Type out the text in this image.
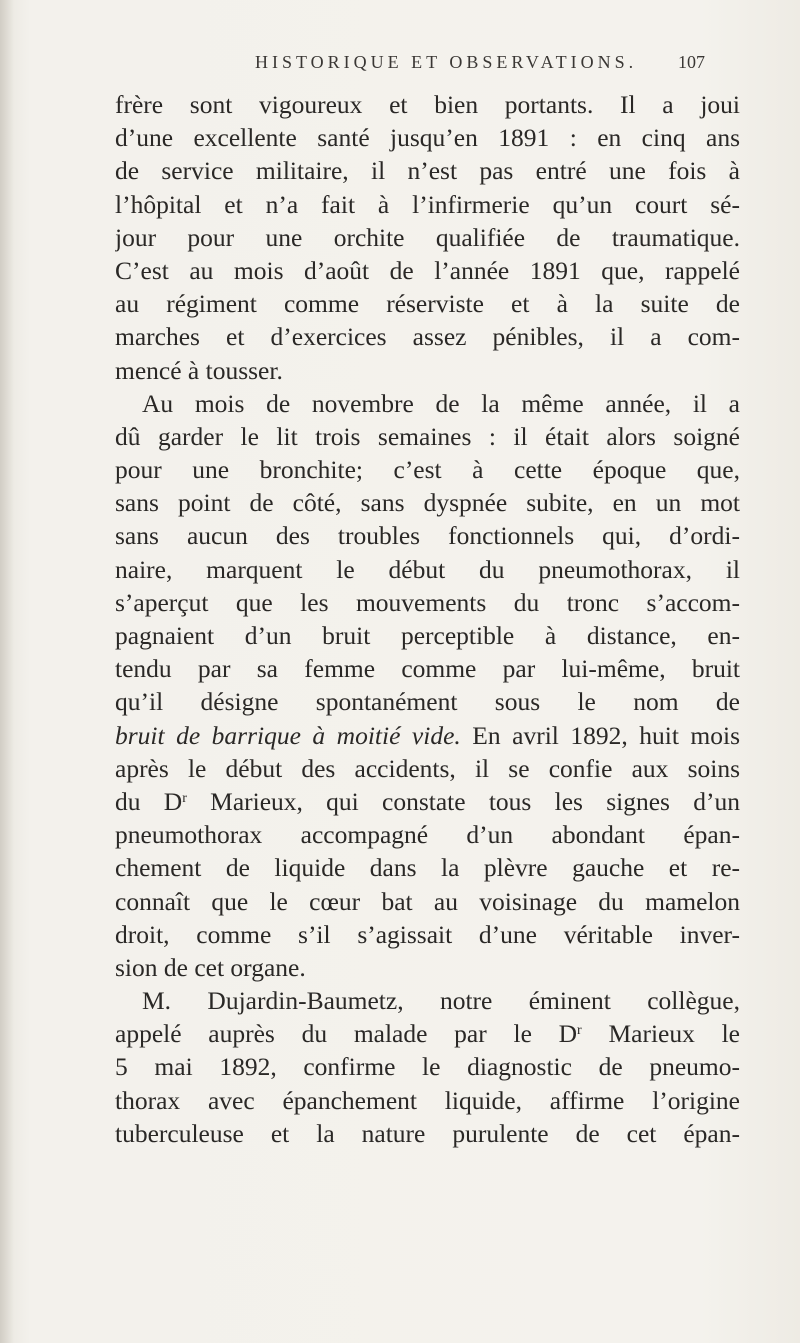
HISTORIQUE ET OBSERVATIONS. 107
frère sont vigoureux et bien portants. Il a joui
d’une excellente santé jusqu’en 1891 : en cinq ans
de service militaire, il n’est pas entré une fois à
l’hôpital et n’a fait à l’infirmerie qu’un court sé-
jour pour une orchite qualifiée de traumatique.
C’est au mois d’août de l’année 1891 que, rappelé
au régiment comme réserviste et à la suite de
marches et d’exercices assez pénibles, il a com-
mencé à tousser.
Au mois de novembre de la même année, il a
dû garder le lit trois semaines : il était alors soigné
pour une bronchite; c’est à cette époque que,
sans point de côté, sans dyspnée subite, en un mot
sans aucun des troubles fonctionnels qui, d’ordi-
naire, marquent le début du pneumothorax, il
s’aperçut que les mouvements du tronc s’accom-
pagnaient d’un bruit perceptible à distance, en-
tendu par sa femme comme par lui-même, bruit
qu’il désigne spontanément sous le nom de
bruit de barrique à moitié vide. En avril 1892, huit mois
après le début des accidents, il se confie aux soins
du $D^r$ Marieux, qui constate tous les signes d’un
pneumothorax accompagné d’un abondant épan-
chement de liquide dans la plèvre gauche et re-
connaît que le cœur bat au voisinage du mamelon
droit, comme s’il s’agissait d’une véritable inver-
sion de cet organe.
M. Dujardin-Baumetz, notre éminent collègue,
appelé auprès du malade par le $D^r$ Marieux le
5 mai 1892, confirme le diagnostic de pneumo-
thorax avec épanchement liquide, affirme l’origine
tuberculeuse et la nature purulente de cet épan-
